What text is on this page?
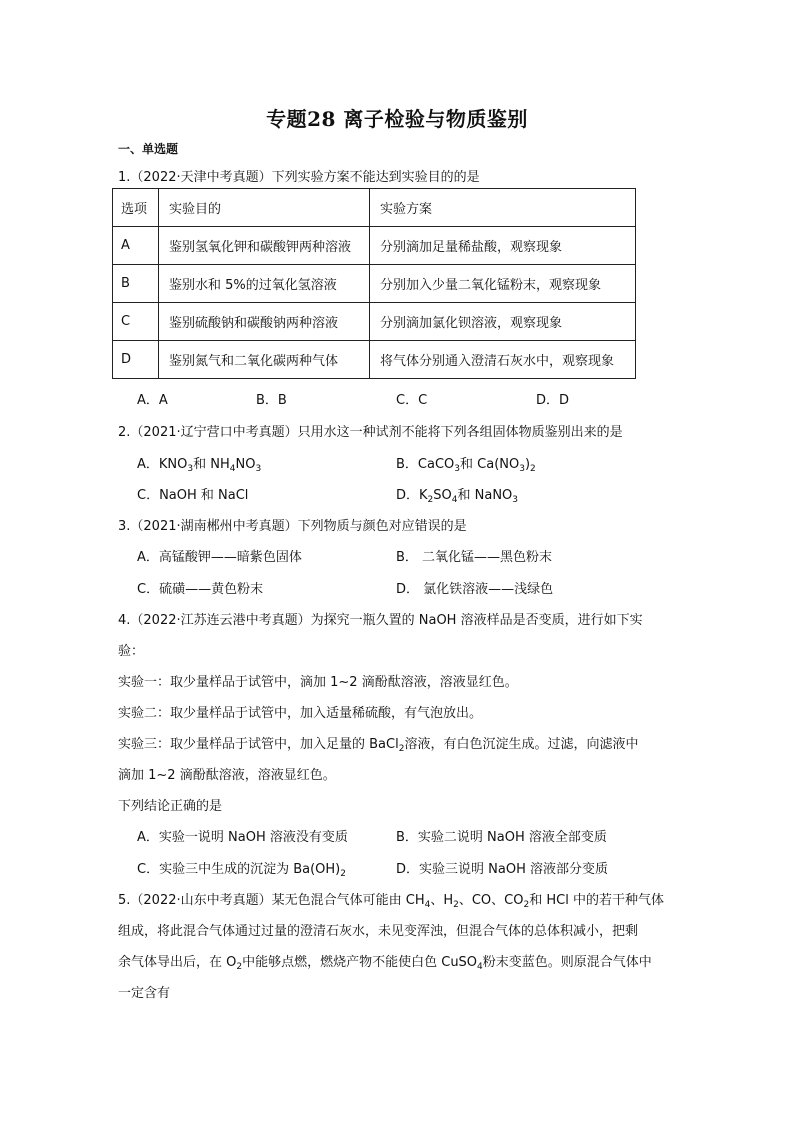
专题28 离子检验与物质鉴别
一、单选题
1.（2022·天津中考真题）下列实验方案不能达到实验目的的是
选项	实验目的	实验方案
A	鉴别氢氧化钾和碳酸钾两种溶液	分别滴加足量稀盐酸，观察现象
B	鉴别水和 5%的过氧化氢溶液	分别加入少量二氧化锰粉末，观察现象
C	鉴别硫酸钠和碳酸钠两种溶液	分别滴加氯化钡溶液，观察现象
D	鉴别氮气和二氧化碳两种气体	将气体分别通入澄清石灰水中，观察现象
A．A	B．B	C．C	D．D
2.（2021·辽宁营口中考真题）只用水这一种试剂不能将下列各组固体物质鉴别出来的是
A．$KNO_3$和 $NH_4NO_3$	B．CaCO$_3$和 $Ca(NO_3)_2$
C．NaOH 和 NaCl	D．$K_2SO_4$和 NaNO$_3$
3.（2021·湖南郴州中考真题）下列物质与颜色对应错误的是
A．高锰酸钾——暗紫色固体	B． 二氧化锰——黑色粉末
C．硫磺——黄色粉末	D． 氯化铁溶液——浅绿色
4.（2022·江苏连云港中考真题）为探究一瓶久置的 NaOH 溶液样品是否变质，进行如下实
验：
实验一：取少量样品于试管中，滴加 1~2 滴酚酞溶液，溶液显红色。
实验二：取少量样品于试管中，加入适量稀硫酸，有气泡放出。
实验三：取少量样品于试管中，加入足量的 BaCl$_2$溶液，有白色沉淀生成。过滤，向滤液中
滴加 1~2 滴酚酞溶液，溶液显红色。
下列结论正确的是
A．实验一说明 NaOH 溶液没有变质	B．实验二说明 NaOH 溶液全部变质
C．实验三中生成的沉淀为 $Ba(OH)_2$	D．实验三说明 NaOH 溶液部分变质
5.（2022·山东中考真题）某无色混合气体可能由 $CH_4$、$H_2$、CO、$CO_2$和 HCl 中的若干种气体
组成，将此混合气体通过过量的澄清石灰水，未见变浑浊，但混合气体的总体积减小，把剩
余气体导出后，在 $O_2$中能够点燃，燃烧产物不能使白色 CuSO$_4$粉末变蓝色。则原混合气体中
一定含有
